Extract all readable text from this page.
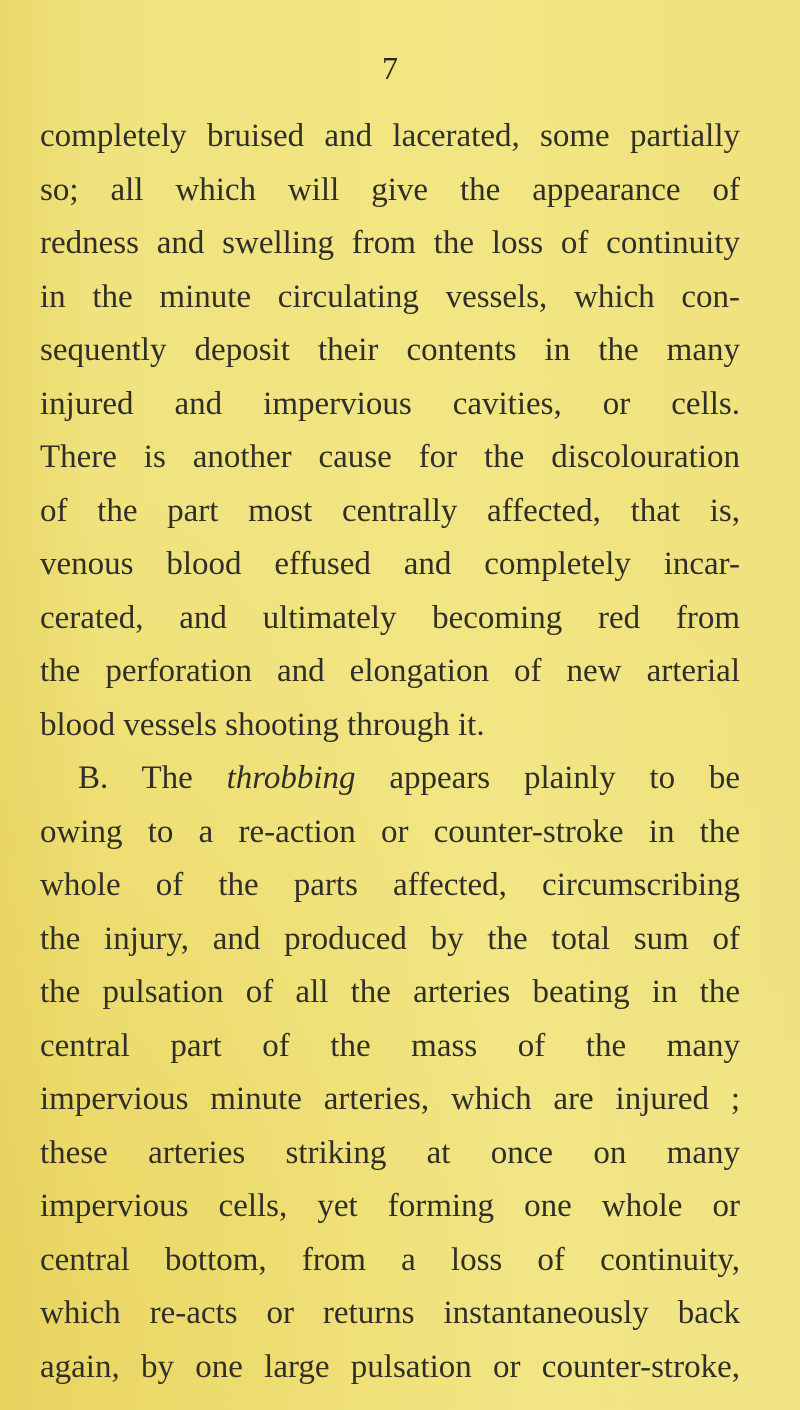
7

completely bruised and lacerated, some partially
so; all which will give the appearance of
redness and swelling from the loss of continuity
in the minute circulating vessels, which con-
sequently deposit their contents in the many
injured and impervious cavities, or cells.
There is another cause for the discolouration
of the part most centrally affected, that is,
venous blood effused and completely incar-
cerated, and ultimately becoming red from
the perforation and elongation of new arterial
blood vessels shooting through it.
B. The throbbing appears plainly to be
owing to a re-action or counter-stroke in the
whole of the parts affected, circumscribing
the injury, and produced by the total sum of
the pulsation of all the arteries beating in the
central part of the mass of the many
impervious minute arteries, which are injured ;
these arteries striking at once on many
impervious cells, yet forming one whole or
central bottom, from a loss of continuity,
which re-acts or returns instantaneously back
again, by one large pulsation or counter-stroke,
